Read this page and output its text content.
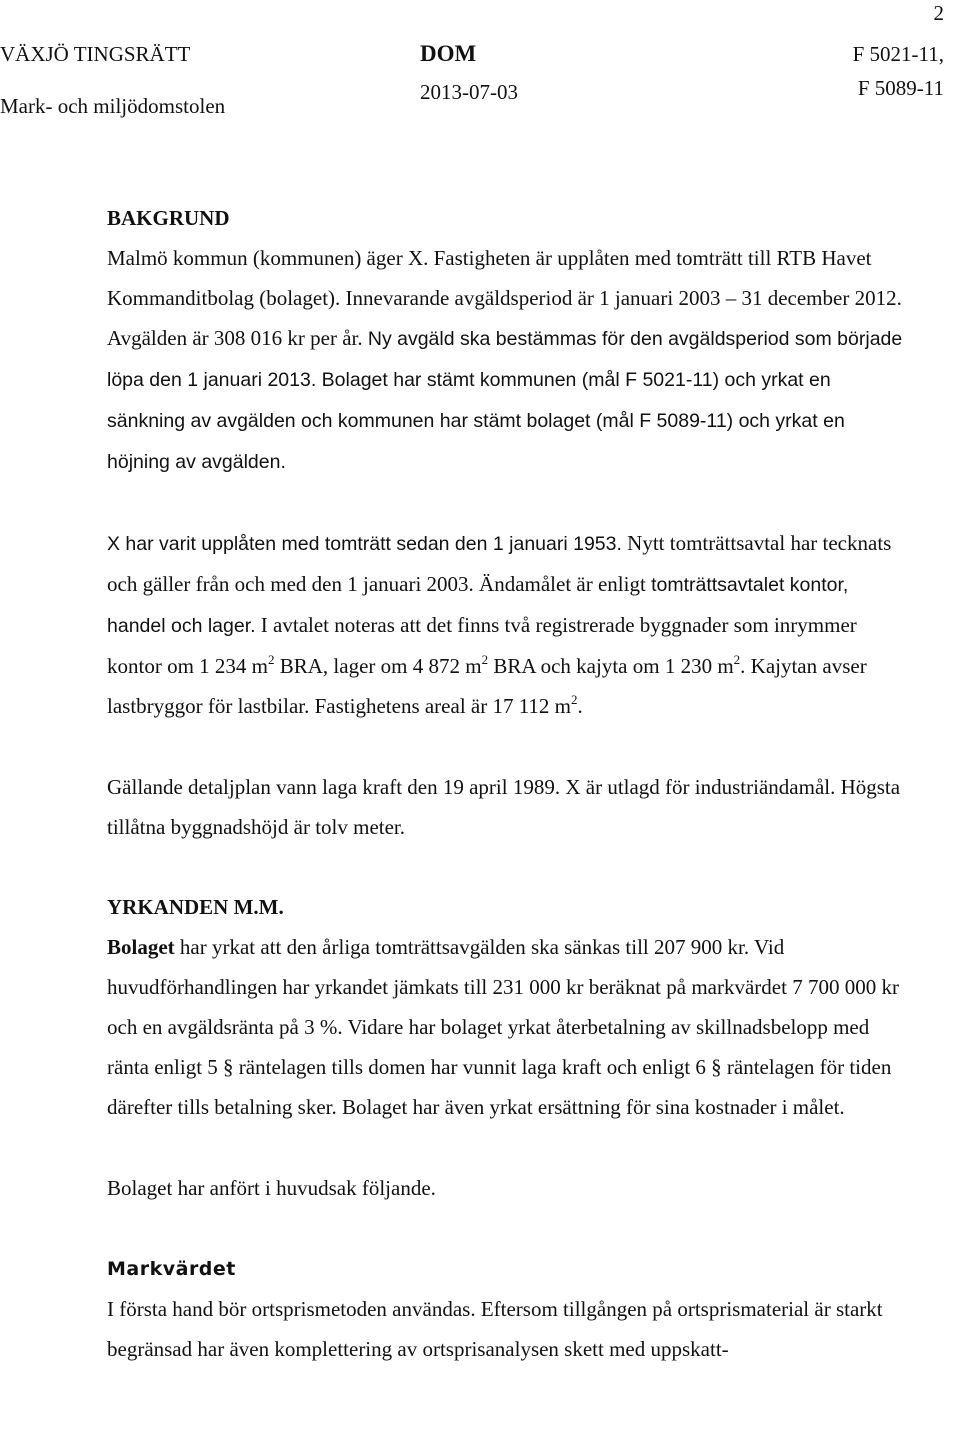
2
VÄXJÖ TINGSRÄTT
Mark- och miljödomstolen
DOM
2013-07-03
F 5021-11,
F 5089-11
BAKGRUND

Malmö kommun (kommunen) äger X. Fastigheten är upplåten med tomträtt till RTB Havet Kommanditbolag (bolaget). Innevarande avgäldsperiod är 1 januari 2003 – 31 december 2012. Avgälden är 308 016 kr per år. Ny avgäld ska bestämmas för den avgäldsperiod som började löpa den 1 januari 2013. Bolaget har stämt kommunen (mål F 5021-11) och yrkat en sänkning av avgälden och kommunen har stämt bolaget (mål F 5089-11) och yrkat en höjning av avgälden.

X har varit upplåten med tomträtt sedan den 1 januari 1953. Nytt tomträttsavtal har tecknats och gäller från och med den 1 januari 2003. Ändamålet är enligt tomträttsavtalet kontor, handel och lager. I avtalet noteras att det finns två registrerade byggnader som inrymmer kontor om 1 234 $m^2$ BRA, lager om 4 872 $m^2$ BRA och kajyta om 1 230 $m^2$. Kajytan avser lastbryggor för lastbilar. Fastighetens areal är 17 112 $m^2$.

Gällande detaljplan vann laga kraft den 19 april 1989. X är utlagd för industriändamål. Högsta tillåtna byggnadshöjd är tolv meter.

YRKANDEN M.M.

Bolaget har yrkat att den årliga tomträttsavgälden ska sänkas till 207 900 kr. Vid huvudförhandlingen har yrkandet jämkats till 231 000 kr beräknat på markvärdet 7 700 000 kr och en avgäldsränta på 3 %. Vidare har bolaget yrkat återbetalning av skillnadsbelopp med ränta enligt 5 § räntelagen tills domen har vunnit laga kraft och enligt 6 § räntelagen för tiden därefter tills betalning sker. Bolaget har även yrkat ersättning för sina kostnader i målet.

Bolaget har anfört i huvudsak följande.

Markvärdet

I första hand bör ortsprismetoden användas. Eftersom tillgången på ortsprismaterial är starkt begränsad har även komplettering av ortsprisanalysen skett med uppskatt-
